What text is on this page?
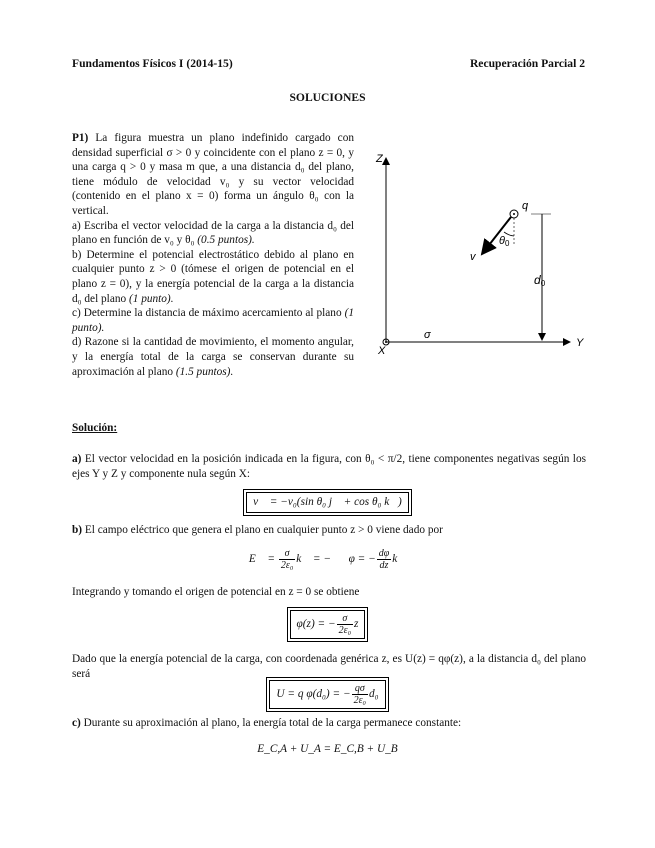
Fundamentos Físicos I (2014-15)	Recuperación Parcial 2
SOLUCIONES

P1) La figura muestra un plano indefinido cargado con densidad superficial σ > 0 y coincidente con el plano z = 0, y una carga q > 0 y masa m que, a una distancia d₀ del plano, tiene módulo de velocidad v₀ y su vector velocidad (contenido en el plano x = 0) forma un ángulo θ₀ con la vertical.

a) Escriba el vector velocidad de la carga a la distancia d₀ del plano en función de v₀ y θ₀ (0.5 puntos).

b) Determine el potencial electrostático debido al plano en cualquier punto z > 0 (tómese el origen de potencial en el plano z = 0), y la energía potencial de la carga a la distancia d₀ del plano (1 punto).

c) Determine la distancia de máximo acercamiento al plano (1 punto).

d) Razone si la cantidad de movimiento, el momento angular, y la energía total de la carga se conservan durante su aproximación al plano (1.5 puntos).

Z
Y
X
σ
q
v
θ0
d0
Solución:

a) El vector velocidad en la posición indicada en la figura, con θ₀ < π/2, tiene componentes negativas según los ejes Y y Z y componente nula según X:

v⃗ = −v₀(sin θ₀ j⃗ + cos θ₀ k⃗)

b) El campo eléctrico que genera el plano en cualquier punto z > 0 viene dado por

E⃗ = $\frac{\sigma}{\text{2ε₀}}$ k⃗ = −∇⃗φ = − $\frac{d\varphi}{dz}$ k⃗

Integrando y tomando el origen de potencial en z = 0 se obtiene

φ(z) = − $\frac{\sigma}{\text{2ε₀}}$ z

Dado que la energía potencial de la carga, con coordenada genérica z, es U(z) = qφ(z), a la distancia d₀ del plano será

U = q φ(d₀) = − $\frac{q\sigma}{\text{2ε₀}} d_0$

c) Durante su aproximación al plano, la energía total de la carga permanece constante:

E_C,A + U_A = E_C,B + U_B
